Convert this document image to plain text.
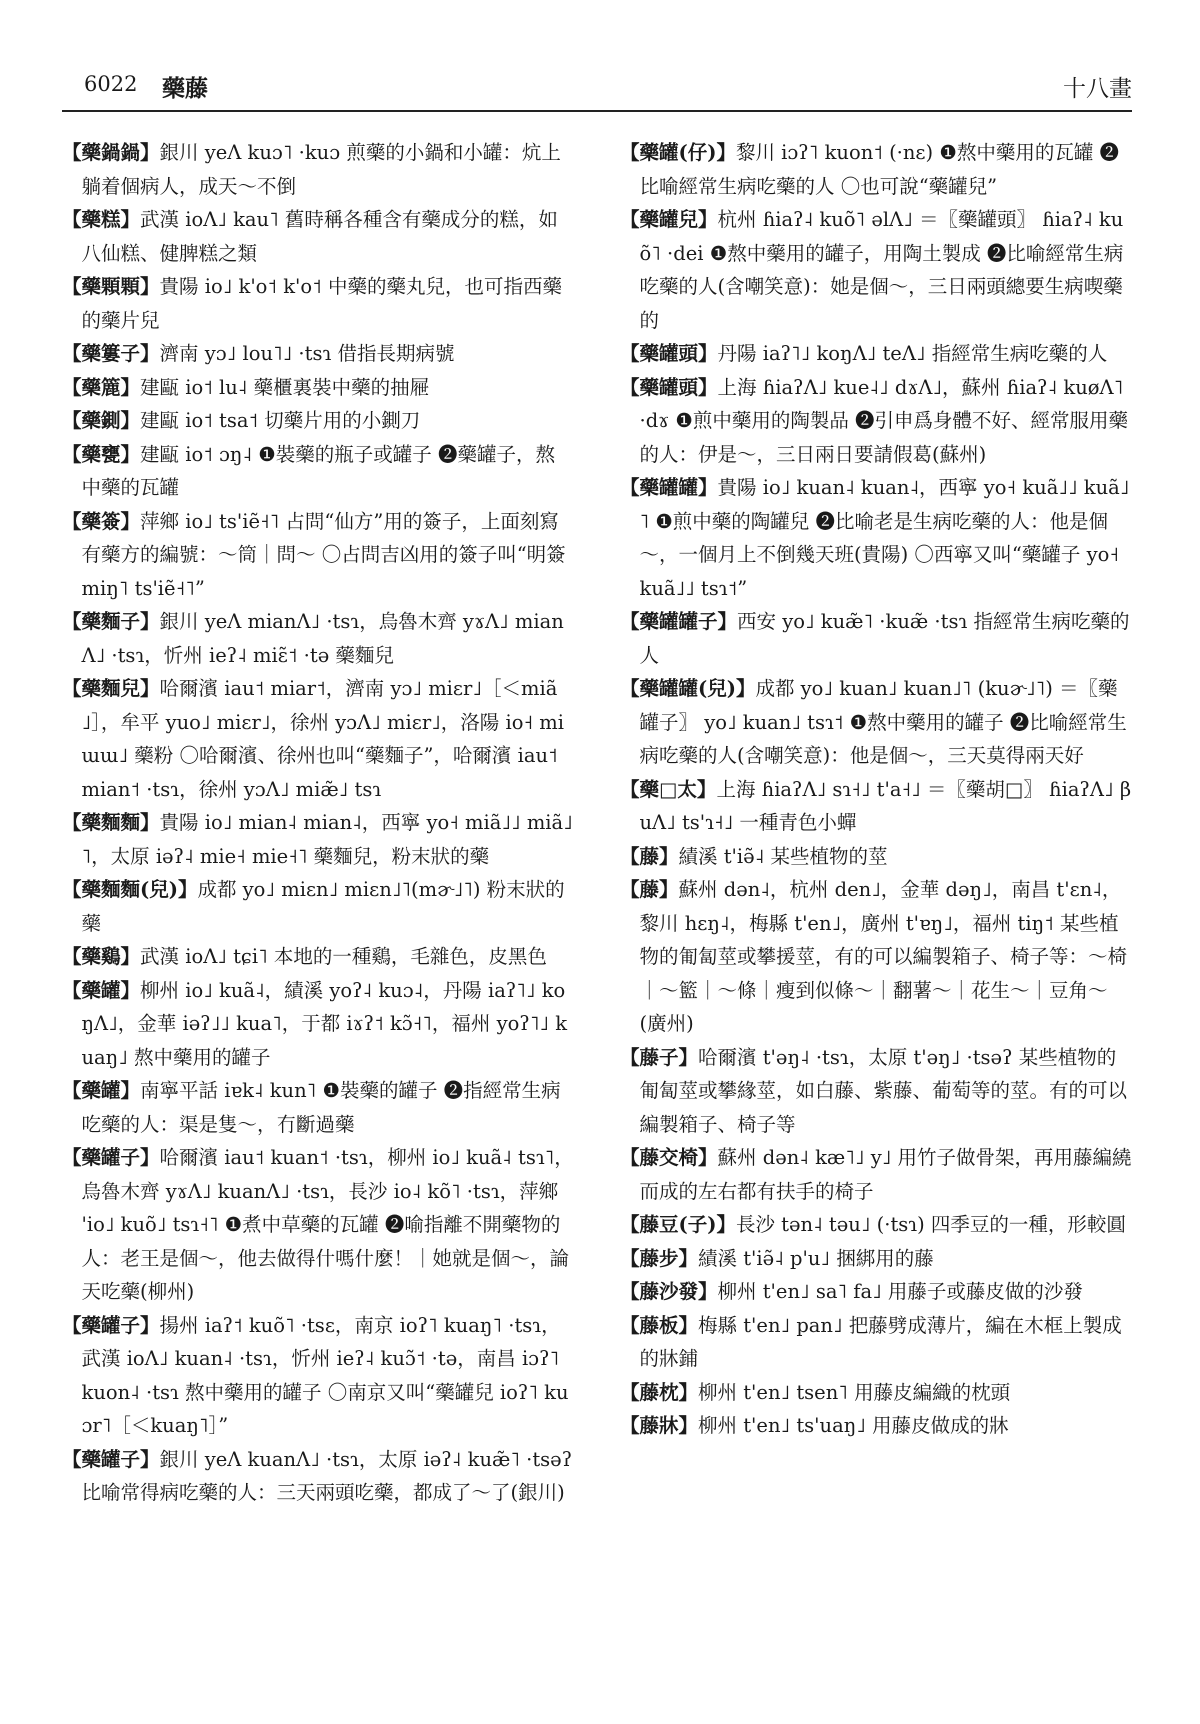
6022 藥藤	十八畫
【藥鍋鍋】銀川 yeɅ kuɔ˥ ·kuɔ 煎藥的小鍋和小罐：炕上躺着個病人，成天～不倒
【藥糕】武漢 ioɅ˩ kau˥ 舊時稱各種含有藥成分的糕，如八仙糕、健脾糕之類
【藥顆顆】貴陽 io˩ k'o˦ k'o˦ 中藥的藥丸兒，也可指西藥的藥片兒
【藥簍子】濟南 yɔ˩ lou˥˩ ·tsɿ 借指長期病號
【藥簏】建甌 io˦ lu˨ 藥櫃裏裝中藥的抽屜
【藥鍘】建甌 io˦ tsa˦ 切藥片用的小鍘刀
【藥甕】建甌 io˦ ɔŋ˨ ❶裝藥的瓶子或罐子 ❷藥罐子，熬中藥的瓦罐
【藥簽】萍鄉 io˩ ts'iẽ˧˥ 占問“仙方”用的簽子，上面刻寫有藥方的編號：～筒｜問～ 〇占問吉凶用的簽子叫“明簽 miŋ˥ ts'iẽ˧˥”
【藥麵子】銀川 yeɅ mianɅ˩ ·tsɿ，烏魯木齊 yɤɅ˩ mianɅ˩ ·tsɿ，忻州 ieʔ˨ miɛ̃˦ ·tə 藥麵兒
【藥麵兒】哈爾濱 iau˦ miar˦，濟南 yɔ˩ miɛr˩［＜miã˩］，牟平 yuo˩ miɛr˩，徐州 yɔɅ˩ miɛr˩，洛陽 io˧ miɯɯ˩ 藥粉 〇哈爾濱、徐州也叫“藥麵子”，哈爾濱 iau˦ mian˦ ·tsɿ，徐州 yɔɅ˩ miæ̃˩ tsɿ
【藥麵麵】貴陽 io˩ mian˨ mian˨，西寧 yo˧ miã˩˩ miã˩˥，太原 iəʔ˨ mie˧ mie˧˥ 藥麵兒，粉末狀的藥
【藥麵麵(兒)】成都 yo˩ miɛn˩ miɛn˩˥(mɚ˩˥) 粉末狀的藥
【藥鷄】武漢 ioɅ˩ tɕi˥ 本地的一種鷄，毛雜色，皮黑色
【藥罐】柳州 io˩ kuã˨，績溪 yoʔ˨ kuɔ˨，丹陽 iaʔ˥˩ koŋɅ˩，金華 iəʔ˩˩ kua˥，于都 iɤʔ˦ kɔ̃˧˥，福州 yoʔ˥˩ kuaŋ˩ 熬中藥用的罐子
【藥罐】南寧平話 iɐk˨ kun˥ ❶裝藥的罐子 ❷指經常生病吃藥的人：渠是隻～，冇斷過藥
【藥罐子】哈爾濱 iau˦ kuan˦ ·tsɿ，柳州 io˩ kuã˨ tsɿ˥，烏魯木齊 yɤɅ˩ kuanɅ˩ ·tsɿ，長沙 io˨ kõ˥ ·tsɿ，萍鄉 'io˩ kuõ˩ tsɿ˧˥ ❶煮中草藥的瓦罐 ❷喻指離不開藥物的人：老王是個～，他去做得什嗎什麼！｜她就是個～，論天吃藥(柳州)
【藥罐子】揚州 iaʔ˦ kuõ˥ ·tsɛ，南京 ioʔ˥ kuaŋ˥ ·tsɿ，武漢 ioɅ˩ kuan˨ ·tsɿ，忻州 ieʔ˨ kuɔ̃˦ ·tə，南昌 iɔʔ˥ kuon˨ ·tsɿ 熬中藥用的罐子 〇南京又叫“藥罐兒 ioʔ˥ kuɔr˥［＜kuaŋ˥］”
【藥罐子】銀川 yeɅ kuanɅ˩ ·tsɿ，太原 iəʔ˨ kuæ̃˥ ·tsəʔ 比喻常得病吃藥的人：三天兩頭吃藥，都成了～了(銀川)
【藥罐(仔)】黎川 iɔʔ˥ kuon˦ (·nɛ) ❶熬中藥用的瓦罐 ❷比喻經常生病吃藥的人 〇也可說“藥罐兒”
【藥罐兒】杭州 ɦiaʔ˨ kuõ˥ əlɅ˩ ＝〖藥罐頭〗 ɦiaʔ˨ kuõ˥ ·dei ❶熬中藥用的罐子，用陶土製成 ❷比喻經常生病吃藥的人(含嘲笑意)：她是個～，三日兩頭總要生病喫藥的
【藥罐頭】丹陽 iaʔ˥˩ koŋɅ˩ teɅ˩ 指經常生病吃藥的人
【藥罐頭】上海 ɦiaʔɅ˩ kue˨˩ dɤɅ˩，蘇州 ɦiaʔ˨ kuøɅ˥ ·dɤ ❶煎中藥用的陶製品 ❷引申爲身體不好、經常服用藥的人：伊是～，三日兩日要請假葛(蘇州)
【藥罐罐】貴陽 io˩ kuan˨ kuan˨，西寧 yo˧ kuã˩˩ kuã˩˥ ❶煎中藥的陶罐兒 ❷比喻老是生病吃藥的人：他是個～，一個月上不倒幾天班(貴陽) 〇西寧又叫“藥罐子 yo˧ kuã˩˩ tsɿ˦”
【藥罐罐子】西安 yo˩ kuæ̃˥ ·kuæ̃ ·tsɿ 指經常生病吃藥的人
【藥罐罐(兒)】成都 yo˩ kuan˩ kuan˩˥ (kuɚ˩˥) ＝〖藥罐子〗 yo˩ kuan˩ tsɿ˦ ❶熬中藥用的罐子 ❷比喻經常生病吃藥的人(含嘲笑意)：他是個～，三天莫得兩天好
【藥□太】上海 ɦiaʔɅ˩ sɿ˧˩ t'a˧˩ ＝〖藥胡□〗 ɦiaʔɅ˩ βuɅ˩ ts'ɿ˧˩ 一種青色小蟬
【藤】績溪 t'iə̃˨ 某些植物的莖
【藤】蘇州 dən˨，杭州 den˩，金華 dəŋ˩，南昌 t'ɛn˨，黎川 hɛŋ˨，梅縣 t'en˩，廣州 t'ɐŋ˩，福州 tiŋ˦ 某些植物的匍匐莖或攀援莖，有的可以編製箱子、椅子等：～椅｜～籃｜～條｜瘦到似條～｜翻薯～｜花生～｜豆角～(廣州)
【藤子】哈爾濱 t'əŋ˨ ·tsɿ，太原 t'əŋ˩ ·tsəʔ 某些植物的匍匐莖或攀緣莖，如白藤、紫藤、葡萄等的莖。有的可以編製箱子、椅子等
【藤交椅】蘇州 dən˨ kæ˥˩ y˩ 用竹子做骨架，再用藤編繞而成的左右都有扶手的椅子
【藤豆(子)】長沙 tən˨ təu˩ (·tsɿ) 四季豆的一種，形較圓
【藤步】績溪 t'iə̃˨ p'u˩ 捆綁用的藤
【藤沙發】柳州 t'en˩ sa˥ fa˩ 用藤子或藤皮做的沙發
【藤板】梅縣 t'en˩ pan˩ 把藤劈成薄片，編在木框上製成的牀鋪
【藤枕】柳州 t'en˩ tsen˥ 用藤皮編織的枕頭
【藤牀】柳州 t'en˩ ts'uaŋ˩ 用藤皮做成的牀
